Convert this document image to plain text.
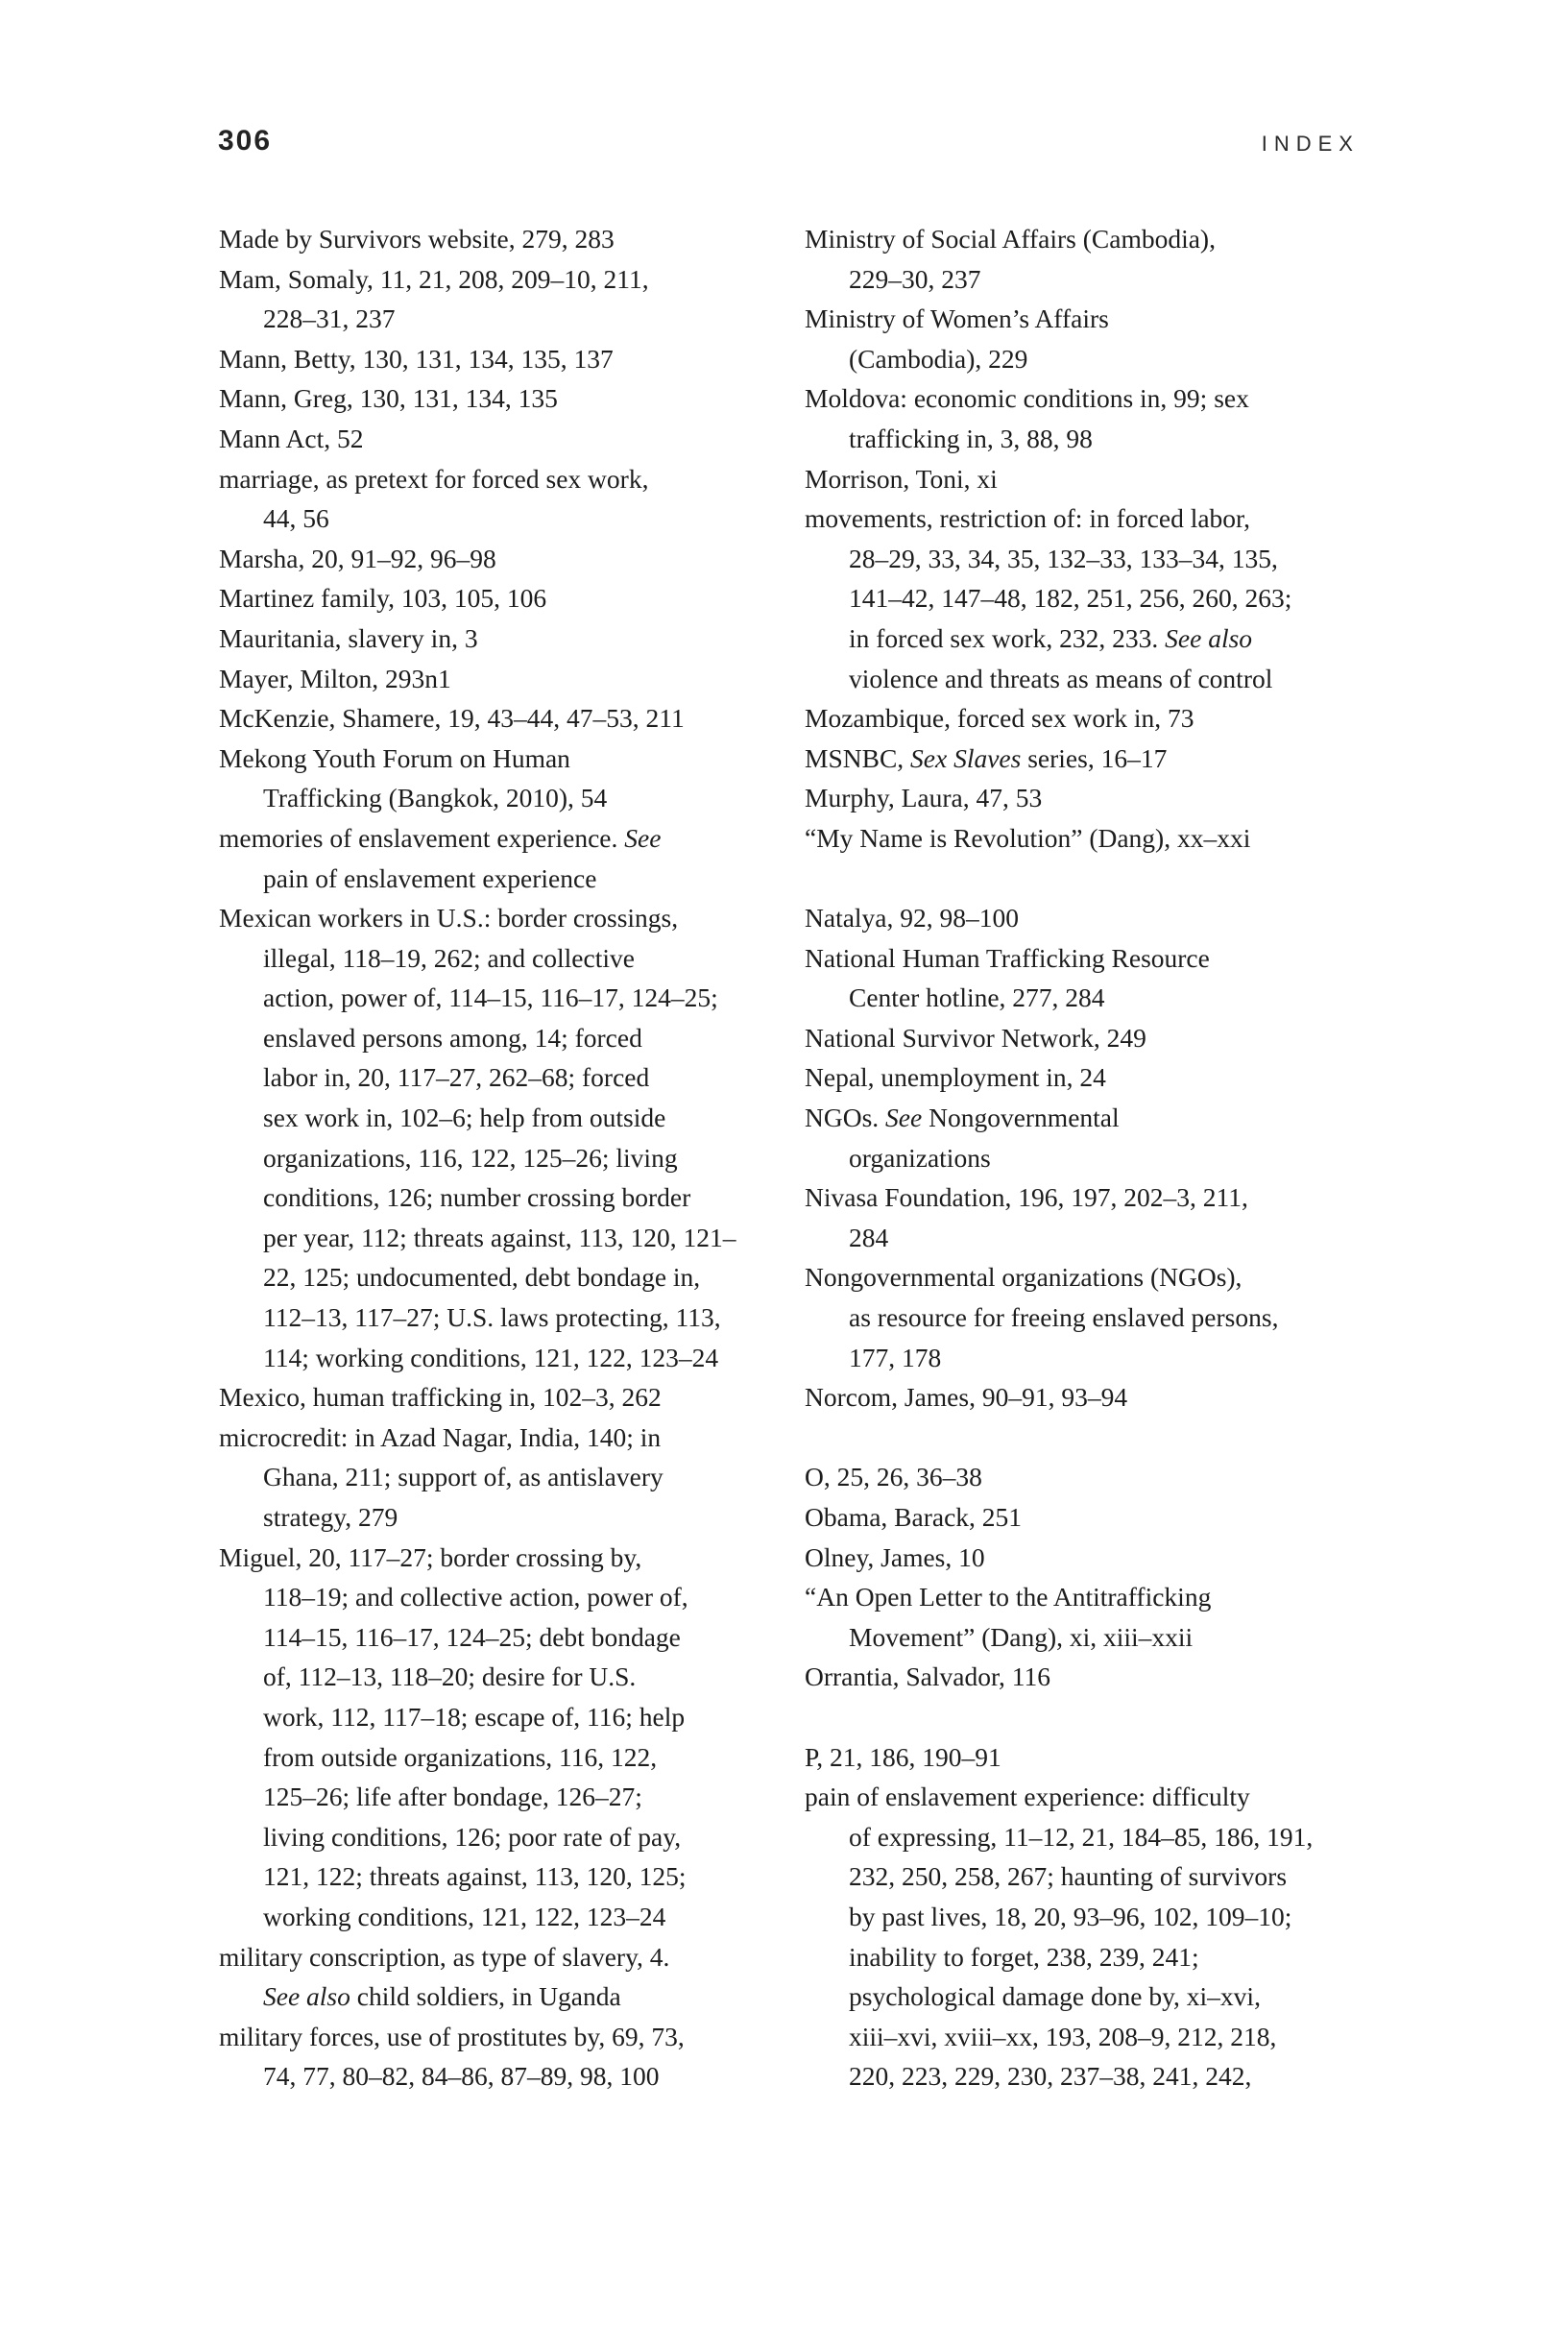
306	INDEX
Made by Survivors website, 279, 283
Mam, Somaly, 11, 21, 208, 209–10, 211,
228–31, 237
Mann, Betty, 130, 131, 134, 135, 137
Mann, Greg, 130, 131, 134, 135
Mann Act, 52
marriage, as pretext for forced sex work,
44, 56
Marsha, 20, 91–92, 96–98
Martinez family, 103, 105, 106
Mauritania, slavery in, 3
Mayer, Milton, 293n1
McKenzie, Shamere, 19, 43–44, 47–53, 211
Mekong Youth Forum on Human
Trafficking (Bangkok, 2010), 54
memories of enslavement experience. See
pain of enslavement experience
Mexican workers in U.S.: border crossings,
illegal, 118–19, 262; and collective
action, power of, 114–15, 116–17, 124–25;
enslaved persons among, 14; forced
labor in, 20, 117–27, 262–68; forced
sex work in, 102–6; help from outside
organizations, 116, 122, 125–26; living
conditions, 126; number crossing border
per year, 112; threats against, 113, 120, 121–
22, 125; undocumented, debt bondage in,
112–13, 117–27; U.S. laws protecting, 113,
114; working conditions, 121, 122, 123–24
Mexico, human trafficking in, 102–3, 262
microcredit: in Azad Nagar, India, 140; in
Ghana, 211; support of, as antislavery
strategy, 279
Miguel, 20, 117–27; border crossing by,
118–19; and collective action, power of,
114–15, 116–17, 124–25; debt bondage
of, 112–13, 118–20; desire for U.S.
work, 112, 117–18; escape of, 116; help
from outside organizations, 116, 122,
125–26; life after bondage, 126–27;
living conditions, 126; poor rate of pay,
121, 122; threats against, 113, 120, 125;
working conditions, 121, 122, 123–24
military conscription, as type of slavery, 4.
See also child soldiers, in Uganda
military forces, use of prostitutes by, 69, 73,
74, 77, 80–82, 84–86, 87–89, 98, 100
Ministry of Social Affairs (Cambodia),
229–30, 237
Ministry of Women’s Affairs
(Cambodia), 229
Moldova: economic conditions in, 99; sex
trafficking in, 3, 88, 98
Morrison, Toni, xi
movements, restriction of: in forced labor,
28–29, 33, 34, 35, 132–33, 133–34, 135,
141–42, 147–48, 182, 251, 256, 260, 263;
in forced sex work, 232, 233. See also
violence and threats as means of control
Mozambique, forced sex work in, 73
MSNBC, Sex Slaves series, 16–17
Murphy, Laura, 47, 53
“My Name is Revolution” (Dang), xx–xxi
Natalya, 92, 98–100
National Human Trafficking Resource
Center hotline, 277, 284
National Survivor Network, 249
Nepal, unemployment in, 24
NGOs. See Nongovernmental
organizations
Nivasa Foundation, 196, 197, 202–3, 211,
284
Nongovernmental organizations (NGOs),
as resource for freeing enslaved persons,
177, 178
Norcom, James, 90–91, 93–94
O, 25, 26, 36–38
Obama, Barack, 251
Olney, James, 10
“An Open Letter to the Antitrafficking
Movement” (Dang), xi, xiii–xxii
Orrantia, Salvador, 116
P, 21, 186, 190–91
pain of enslavement experience: difficulty
of expressing, 11–12, 21, 184–85, 186, 191,
232, 250, 258, 267; haunting of survivors
by past lives, 18, 20, 93–96, 102, 109–10;
inability to forget, 238, 239, 241;
psychological damage done by, xi–xvi,
xiii–xvi, xviii–xx, 193, 208–9, 212, 218,
220, 223, 229, 230, 237–38, 241, 242,
